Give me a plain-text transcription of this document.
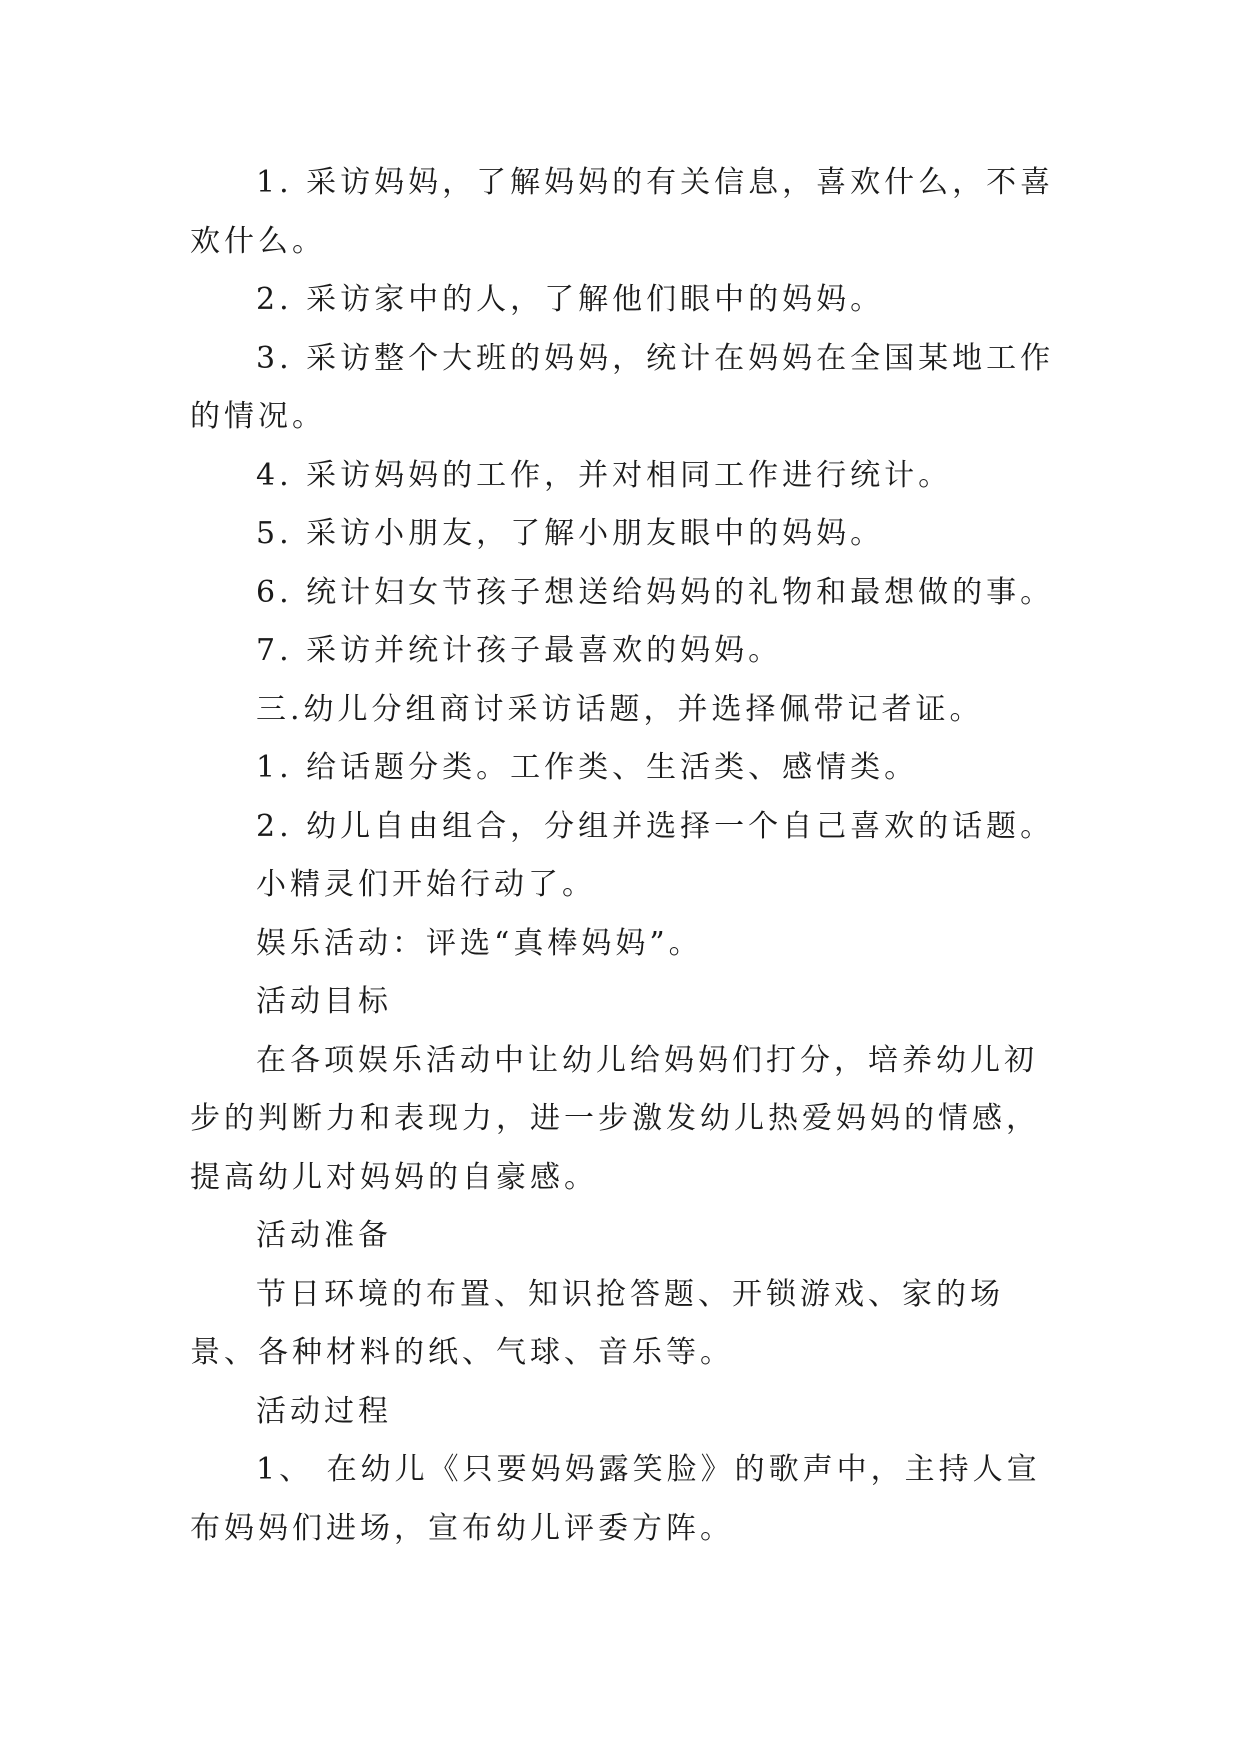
1. 采访妈妈，了解妈妈的有关信息，喜欢什么，不喜欢什么。

2. 采访家中的人，了解他们眼中的妈妈。

3. 采访整个大班的妈妈，统计在妈妈在全国某地工作的情况。

4. 采访妈妈的工作，并对相同工作进行统计。

5. 采访小朋友，了解小朋友眼中的妈妈。

6. 统计妇女节孩子想送给妈妈的礼物和最想做的事。

7. 采访并统计孩子最喜欢的妈妈。

三.幼儿分组商讨采访话题，并选择佩带记者证。

1. 给话题分类。工作类、生活类、感情类。

2. 幼儿自由组合，分组并选择一个自己喜欢的话题。

小精灵们开始行动了。

娱乐活动：评选“真棒妈妈”。

活动目标

在各项娱乐活动中让幼儿给妈妈们打分，培养幼儿初步的判断力和表现力，进一步激发幼儿热爱妈妈的情感，提高幼儿对妈妈的自豪感。

活动准备

节日环境的布置、知识抢答题、开锁游戏、家的场景、各种材料的纸、气球、音乐等。

活动过程

1、 在幼儿《只要妈妈露笑脸》的歌声中，主持人宣布妈妈们进场，宣布幼儿评委方阵。
